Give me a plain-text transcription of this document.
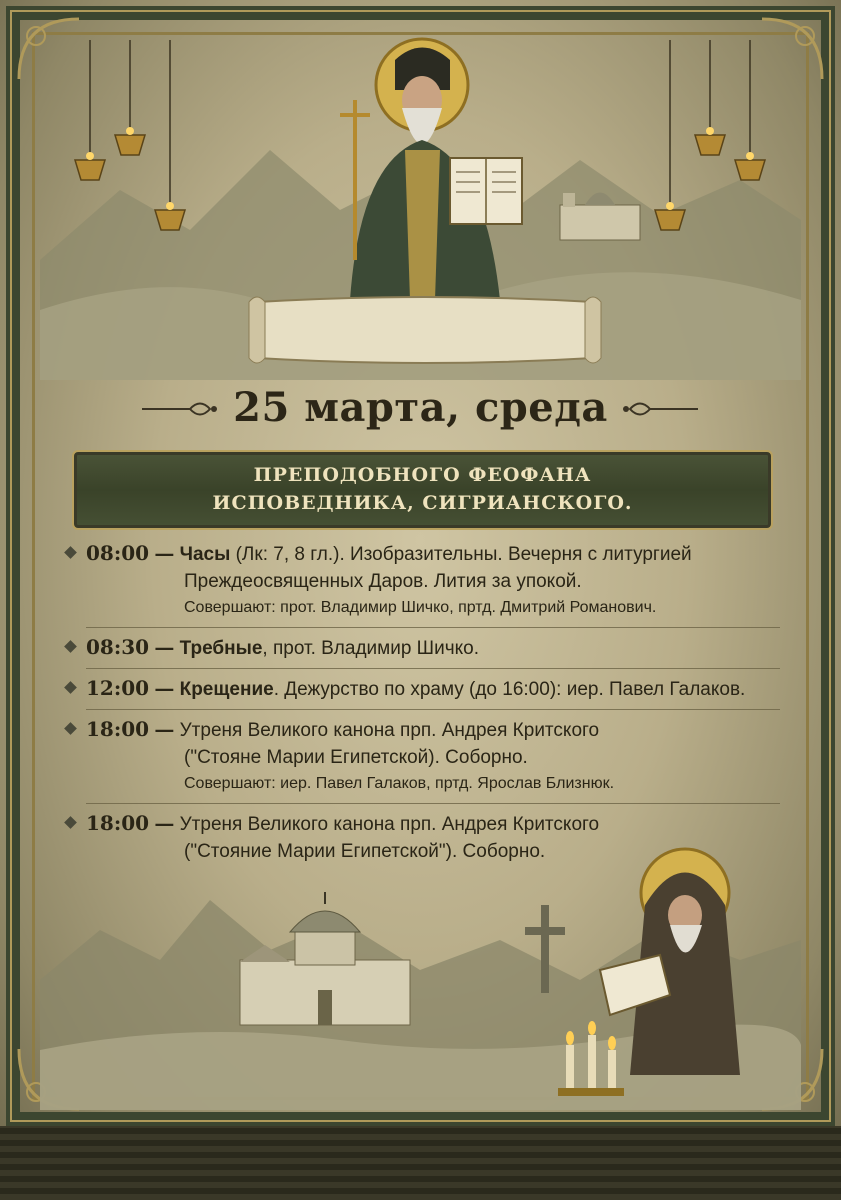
25 марта, среда
ПРЕПОДОБНОГО ФЕОФАНА
ИСПОВЕДНИКА, СИГРИАНСКОГО.
08:00 — Часы (Лк: 7, 8 гл.). Изобразительны. Вечерня с литургией
Преждеосвященных Даров. Лития за упокой.
Совершают: прот. Владимир Шичко, пртд. Дмитрий Романович.
08:30 — Требные, прот. Владимир Шичко.
12:00 — Крещение. Дежурство по храму (до 16:00): иер. Павел Галаков.
18:00 — Утреня Великого канона прп. Андрея Критского
("Стояне Марии Египетской). Соборно.
Совершают: иер. Павел Галаков, пртд. Ярослав Близнюк.
18:00 — Утреня Великого канона прп. Андрея Критского
("Стояние Марии Египетской"). Соборно.
